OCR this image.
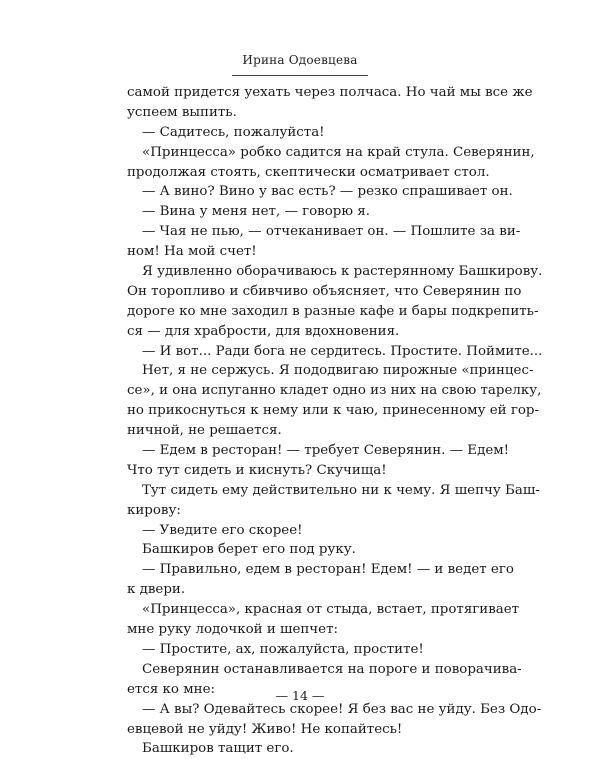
Ирина Одоевцева
самой придется уехать через полчаса. Но чай мы все же
успеем выпить.
— Садитесь, пожалуйста!
«Принцесса» робко садится на край стула. Северянин,
продолжая стоять, скептически осматривает стол.
— А вино? Вино у вас есть? — резко спрашивает он.
— Вина у меня нет, — говорю я.
— Чая не пью, — отчеканивает он. — Пошлите за ви-
ном! На мой счет!
Я удивленно оборачиваюсь к растерянному Башкирову.
Он торопливо и сбивчиво объясняет, что Северянин по
дороге ко мне заходил в разные кафе и бары подкрепить-
ся — для храбрости, для вдохновения.
— И вот... Ради бога не сердитесь. Простите. Поймите...
Нет, я не сержусь. Я пододвигаю пирожные «принцес-
се», и она испуганно кладет одно из них на свою тарелку,
но прикоснуться к нему или к чаю, принесенному ей гор-
ничной, не решается.
— Едем в ресторан! — требует Северянин. — Едем!
Что тут сидеть и киснуть? Скучища!
Тут сидеть ему действительно ни к чему. Я шепчу Баш-
кирову:
— Уведите его скорее!
Башкиров берет его под руку.
— Правильно, едем в ресторан! Едем! — и ведет его
к двери.
«Принцесса», красная от стыда, встает, протягивает
мне руку лодочкой и шепчет:
— Простите, ах, пожалуйста, простите!
Северянин останавливается на пороге и поворачива-
ется ко мне:
— А вы? Одевайтесь скорее! Я без вас не уйду. Без Одо-
евцевой не уйду! Живо! Не копайтесь!
Башкиров тащит его.
— 14 —
